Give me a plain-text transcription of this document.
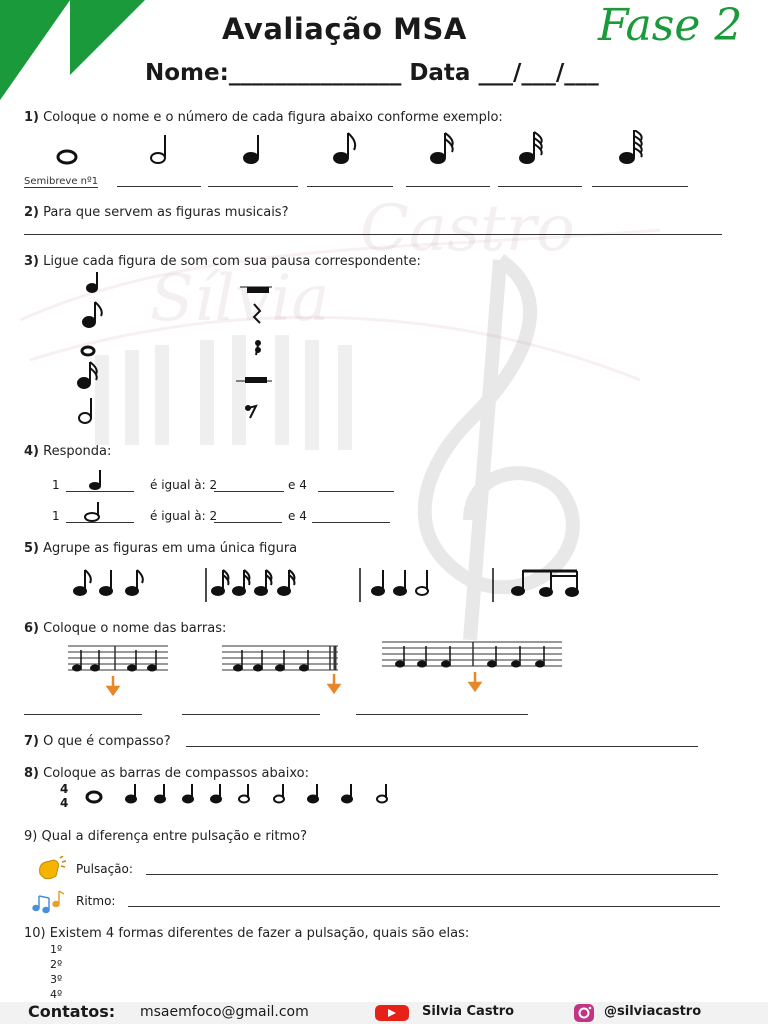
Castro
Sílvia
Avaliação MSA	Fase 2
Nome:_______________ Data ___/___/___
1) Coloque o nome e o número de cada figura abaixo conforme exemplo:
Semibreve nº1
2) Para que servem as figuras musicais?
3) Ligue cada figura de som com sua pausa correspondente:
4) Responda:
1	é igual à: 2	e 4
1	é igual à: 2	e 4
5) Agrupe as figuras em uma única figura
6) Coloque o nome das barras:
7) O que é compasso?
8) Coloque as barras de compassos abaixo:
4
4
9) Qual a diferença entre pulsação e ritmo?
Pulsação:
Ritmo:
10) Existem 4 formas diferentes de fazer a pulsação, quais são elas:
1º
2º
3º
4º
Contatos: msaemfoco@gmail.com	Silvia Castro	@silviacastro
